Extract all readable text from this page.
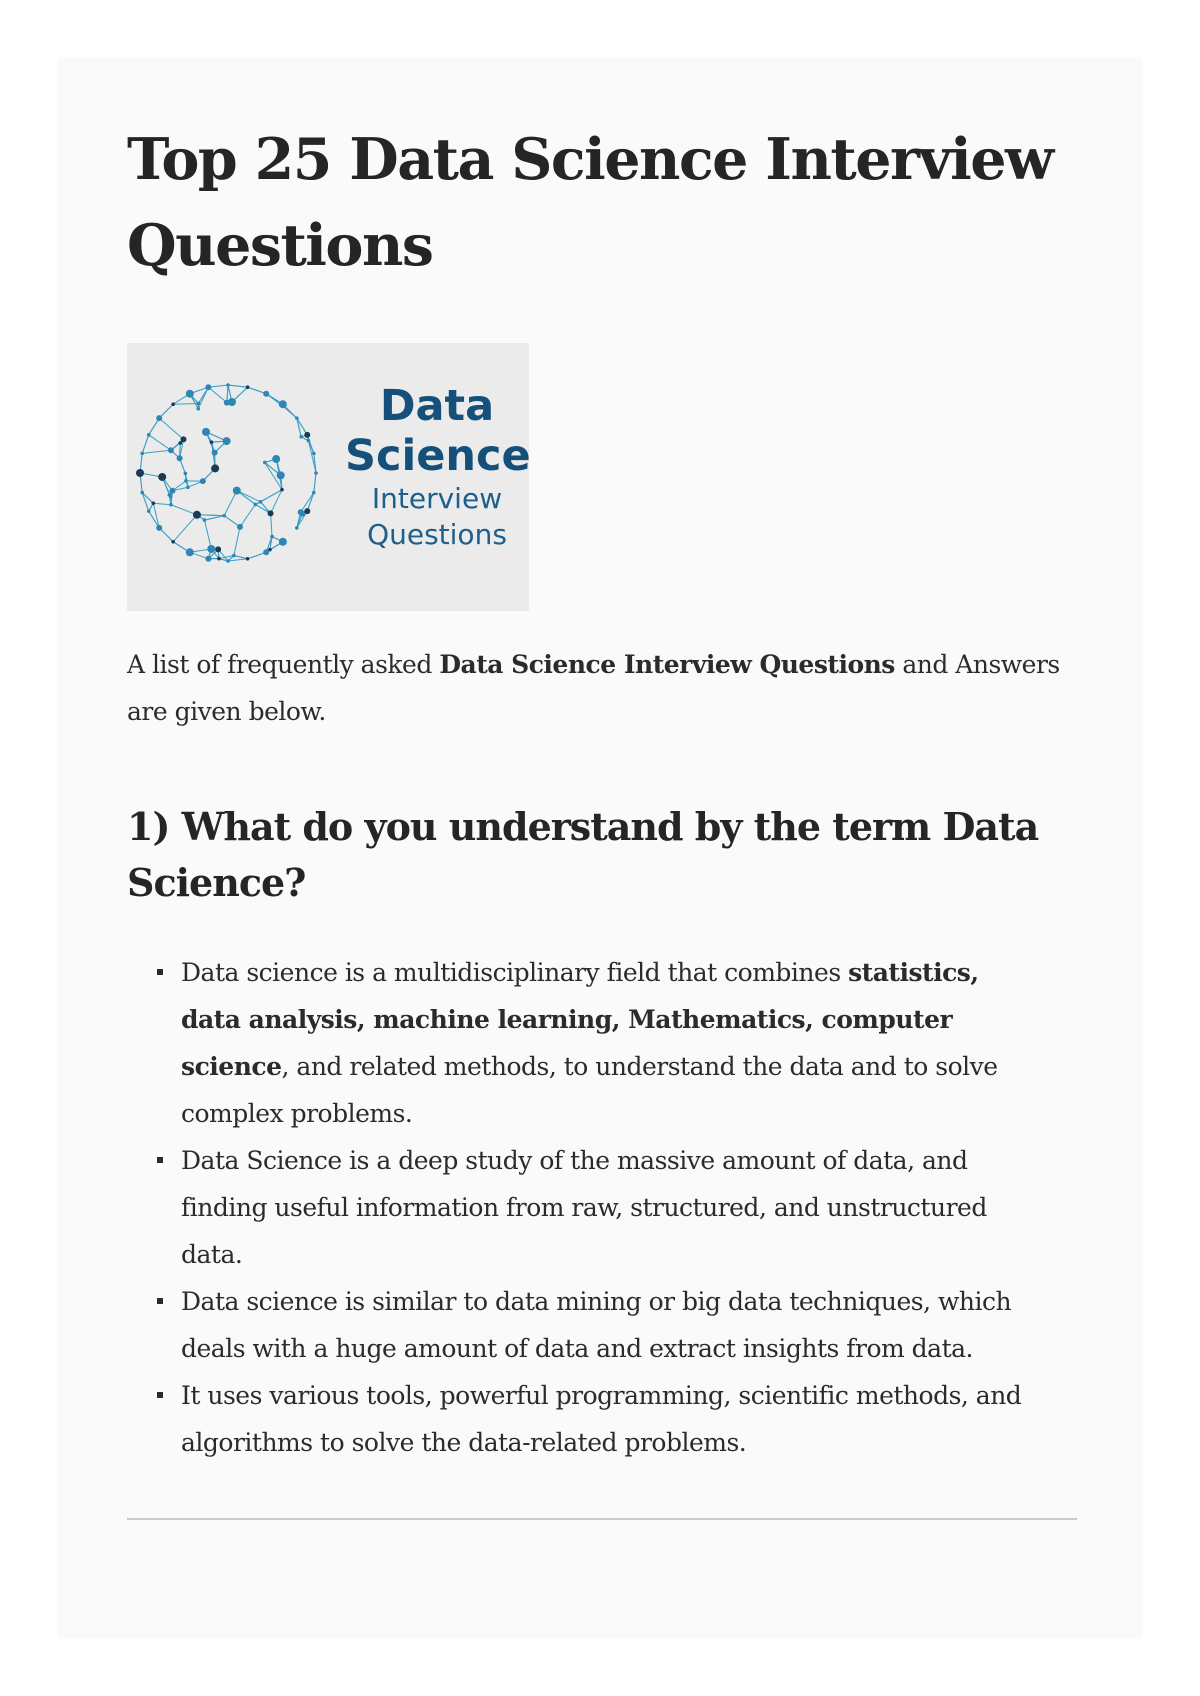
Top 25 Data Science Interview Questions
Data
Science
Interview
Questions

A list of frequently asked Data Science Interview Questions and Answers are given below.

1) What do you understand by the term Data Science?
Data science is a multidisciplinary field that combines statistics, data analysis, machine learning, Mathematics, computer science, and related methods, to understand the data and to solve complex problems.
Data Science is a deep study of the massive amount of data, and finding useful information from raw, structured, and unstructured data.
Data science is similar to data mining or big data techniques, which deals with a huge amount of data and extract insights from data.
It uses various tools, powerful programming, scientific methods, and algorithms to solve the data-related problems.
